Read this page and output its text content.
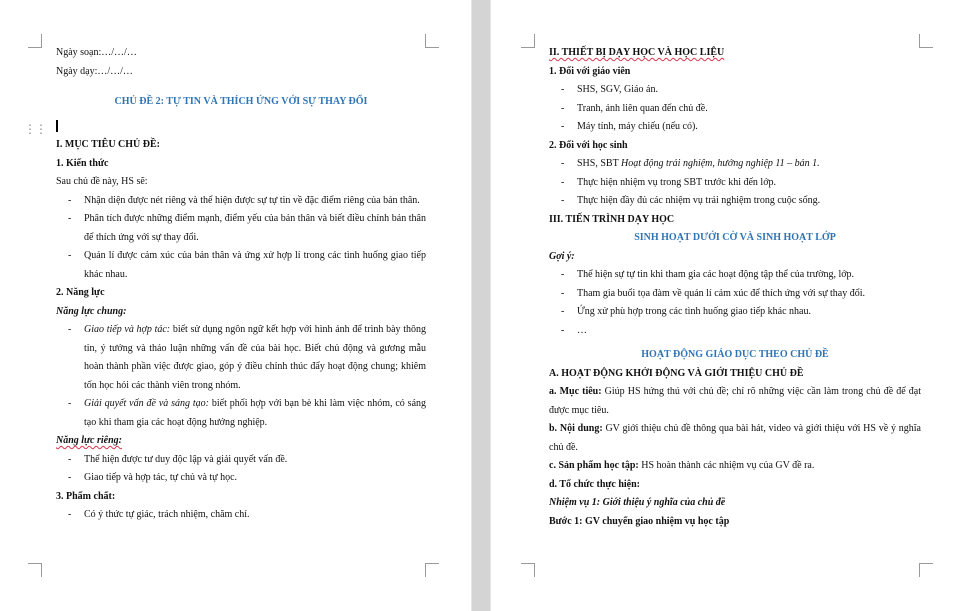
⋮⋮

Ngày soạn:…/…/…

Ngày dạy:…/…/…

CHỦ ĐỀ 2: TỰ TIN VÀ THÍCH ỨNG VỚI SỰ THAY ĐỔI

I. MỤC TIÊU CHỦ ĐỀ:

1. Kiến thức

Sau chủ đề này, HS sẽ:

- Nhận diện được nét riêng và thể hiện được sự tự tin về đặc điểm riêng của bản thân.
- Phân tích được những điểm mạnh, điểm yếu của bản thân và biết điều chỉnh bản thân để thích ứng với sự thay đổi.
- Quản lí được cảm xúc của bản thân và ứng xử hợp lí trong các tình huống giao tiếp khác nhau.

2. Năng lực

Năng lực chung:

- Giao tiếp và hợp tác: biết sử dụng ngôn ngữ kết hợp với hình ảnh để trình bày thông tin, ý tưởng và thảo luận những vấn đề của bài học. Biết chủ động và gương mẫu hoàn thành phần việc được giao, góp ý điều chỉnh thúc đẩy hoạt động chung; khiêm tốn học hỏi các thành viên trong nhóm.
- Giải quyết vấn đề và sáng tạo: biết phối hợp với bạn bè khi làm việc nhóm, có sáng tạo khi tham gia các hoạt động hướng nghiệp.

Năng lực riêng:

- Thể hiện được tư duy độc lập và giải quyết vấn đề.
- Giao tiếp và hợp tác, tự chủ và tự học.

3. Phẩm chất:

- Có ý thức tự giác, trách nhiệm, chăm chỉ.

II. THIẾT BỊ DẠY HỌC VÀ HỌC LIỆU

1. Đối với giáo viên

- SHS, SGV, Giáo án.
- Tranh, ảnh liên quan đến chủ đề.
- Máy tính, máy chiếu (nếu có).

2. Đối với học sinh

- SHS, SBT Hoạt động trải nghiệm, hướng nghiệp 11 – bản 1.
- Thực hiện nhiệm vụ trong SBT trước khi đến lớp.
- Thực hiện đầy đủ các nhiệm vụ trải nghiệm trong cuộc sống.

III. TIẾN TRÌNH DẠY HỌC

SINH HOẠT DƯỚI CỜ VÀ SINH HOẠT LỚP

Gợi ý:

- Thể hiện sự tự tin khi tham gia các hoạt động tập thể của trường, lớp.
- Tham gia buổi tọa đàm về quản lí cảm xúc để thích ứng với sự thay đổi.
- Ứng xử phù hợp trong các tình huống giao tiếp khác nhau.
- …

HOẠT ĐỘNG GIÁO DỤC THEO CHỦ ĐỀ

A. HOẠT ĐỘNG KHỞI ĐỘNG VÀ GIỚI THIỆU CHỦ ĐỀ

a. Mục tiêu: Giúp HS hứng thú với chủ đề; chỉ rõ những việc cần làm trong chủ đề để đạt được mục tiêu.

b. Nội dung: GV giới thiệu chủ đề thông qua bài hát, video và giới thiệu với HS về ý nghĩa chủ đề.

c. Sản phẩm học tập: HS hoàn thành các nhiệm vụ của GV đề ra.

d. Tổ chức thực hiện:

Nhiệm vụ 1: Giới thiệu ý nghĩa của chủ đề

Bước 1: GV chuyển giao nhiệm vụ học tập
